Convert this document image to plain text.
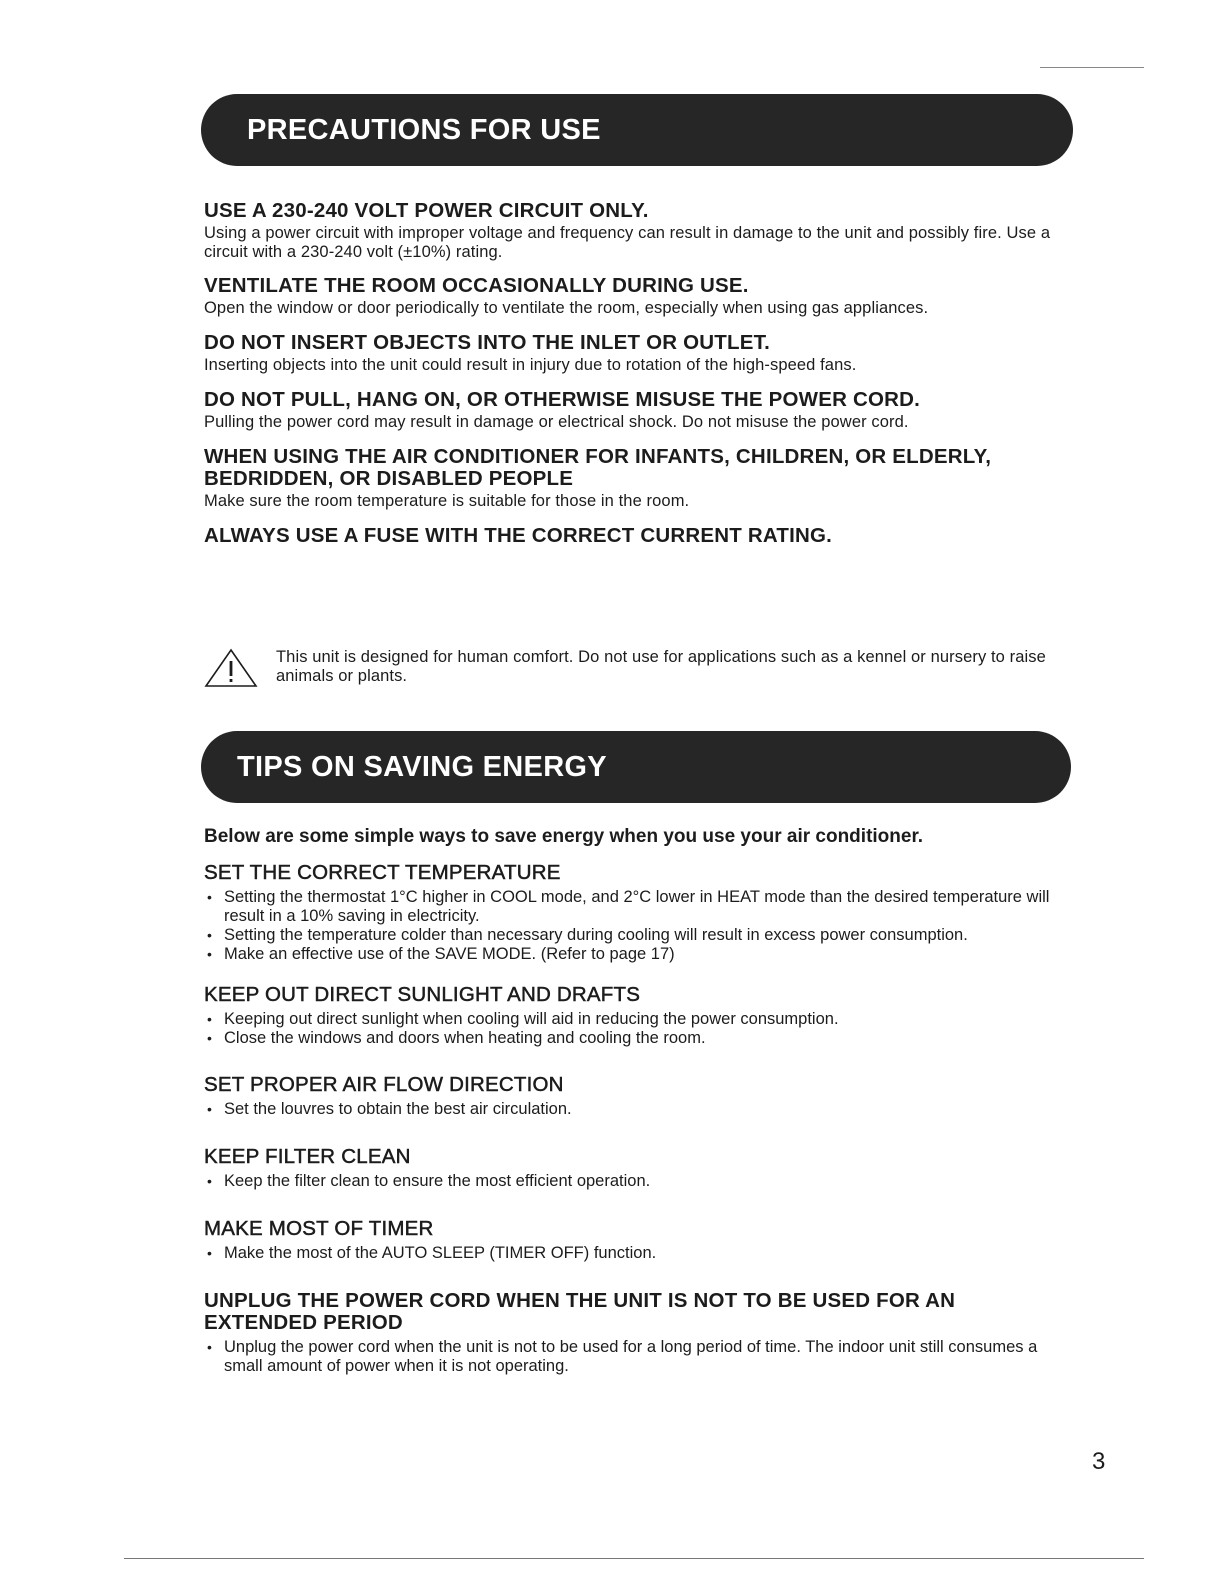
PRECAUTIONS FOR USE

USE A 230-240 VOLT POWER CIRCUIT ONLY.

Using a power circuit with improper voltage and frequency can result in damage to the unit and possibly fire. Use a circuit with a 230-240 volt (±10%) rating.

VENTILATE THE ROOM OCCASIONALLY DURING USE.

Open the window or door periodically to ventilate the room, especially when using gas appliances.

DO NOT INSERT OBJECTS INTO THE INLET OR OUTLET.

Inserting objects into the unit could result in injury due to rotation of the high-speed fans.

DO NOT PULL, HANG ON, OR OTHERWISE MISUSE THE POWER CORD.

Pulling the power cord may result in damage or electrical shock. Do not misuse the power cord.

WHEN USING THE AIR CONDITIONER FOR INFANTS, CHILDREN, OR ELDERLY, BEDRIDDEN, OR DISABLED PEOPLE

Make sure the room temperature is suitable for those in the room.

ALWAYS USE A FUSE WITH THE CORRECT CURRENT RATING.

This unit is designed for human comfort. Do not use for applications such as a kennel or nursery to raise animals or plants.

TIPS ON SAVING ENERGY

Below are some simple ways to save energy when you use your air conditioner.

SET THE CORRECT TEMPERATURE

• Setting the thermostat 1°C higher in COOL mode, and 2°C lower in HEAT mode than the desired temperature will result in a 10% saving in electricity.
• Setting the temperature colder than necessary during cooling will result in excess power consumption.
• Make an effective use of the SAVE MODE. (Refer to page 17)

KEEP OUT DIRECT SUNLIGHT AND DRAFTS

• Keeping out direct sunlight when cooling will aid in reducing the power consumption.
• Close the windows and doors when heating and cooling the room.

SET PROPER AIR FLOW DIRECTION

• Set the louvres to obtain the best air circulation.

KEEP FILTER CLEAN

• Keep the filter clean to ensure the most efficient operation.

MAKE MOST OF TIMER

• Make the most of the AUTO SLEEP (TIMER OFF) function.

UNPLUG THE POWER CORD WHEN THE UNIT IS NOT TO BE USED FOR AN EXTENDED PERIOD

• Unplug the power cord when the unit is not to be used for a long period of time. The indoor unit still consumes a small amount of power when it is not operating.
3
